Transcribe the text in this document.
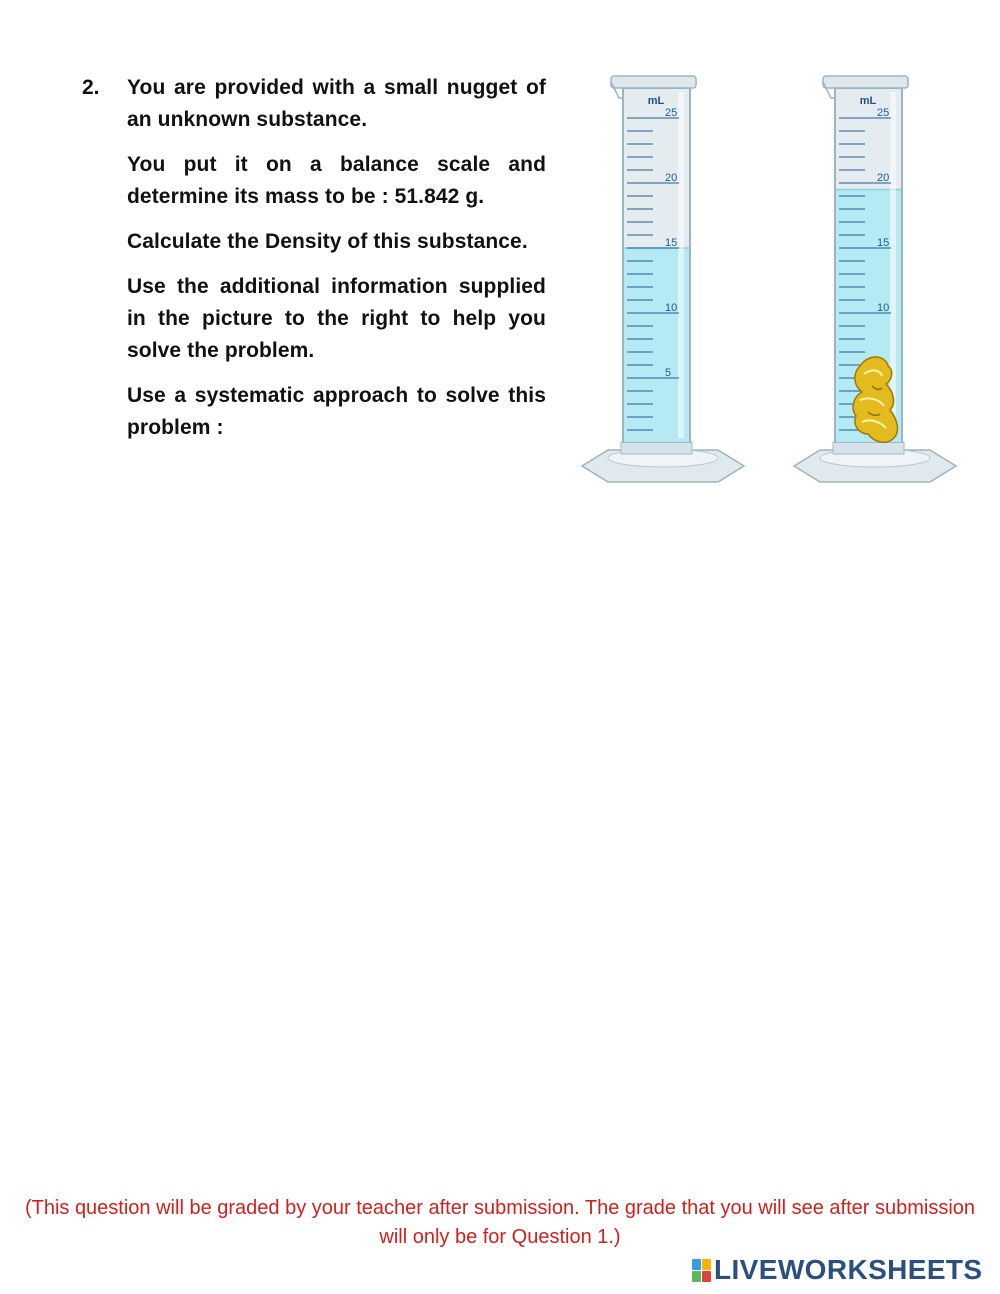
2. You are provided with a small nugget of an unknown substance.

You put it on a balance scale and determine its mass to be : 51.842 g.

Calculate the Density of this substance.

Use the additional information supplied in the picture to the right to help you solve the problem.

Use a systematic approach to solve this problem :

mL
25
20
15
10
5
mL
25
20
15
10
(This question will be graded by your teacher after submission. The grade that you will see after submission will only be for Question 1.)
LIVEWORKSHEETS
